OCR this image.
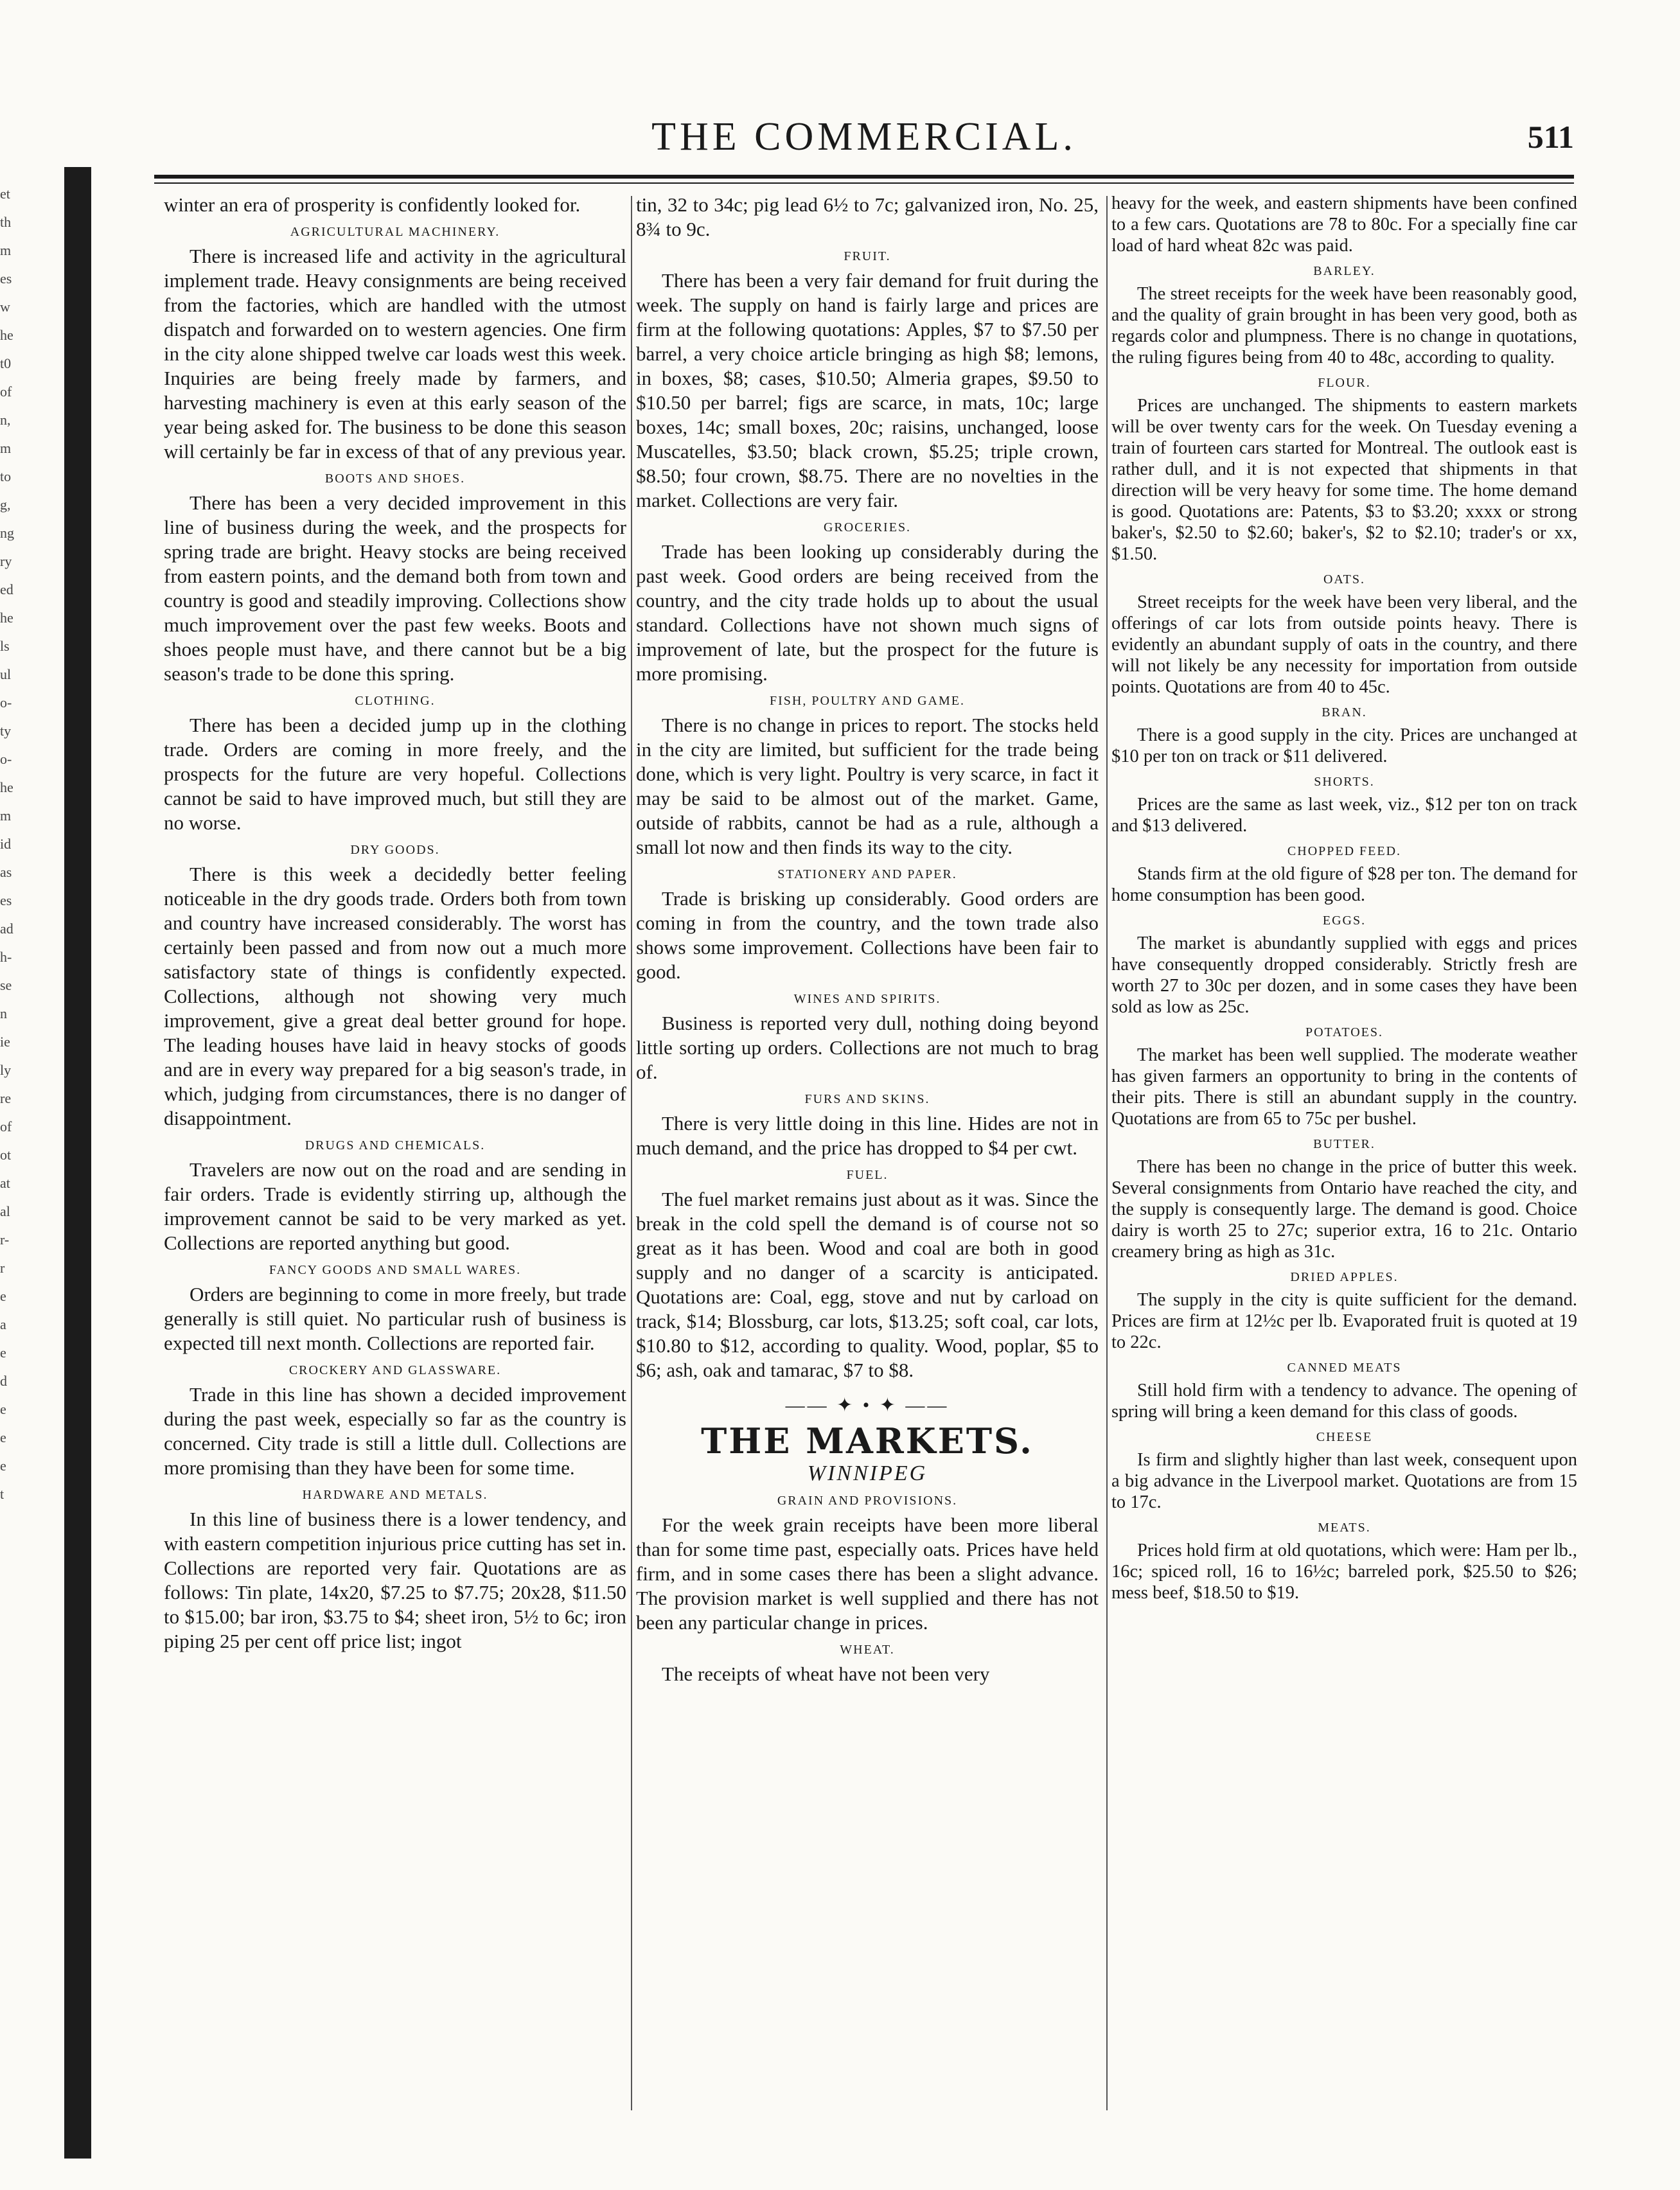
et
th
m
es
w
he
t0
of
n,
m
to
g,
ng
ry
ed
he
ls
ul
o-
ty
o-
he
m
id
as
es
ad
h-
se
n
ie
ly
re
of
ot
at
al
r-
r
e
a
e
d
e
e
e
t
THE COMMERCIAL.	511

winter an era of prosperity is confidently looked for.

AGRICULTURAL MACHINERY.

There is increased life and activity in the agricultural implement trade. Heavy consignments are being received from the factories, which are handled with the utmost dispatch and forwarded on to western agencies. One firm in the city alone shipped twelve car loads west this week. Inquiries are being freely made by farmers, and harvesting machinery is even at this early season of the year being asked for. The business to be done this season will certainly be far in excess of that of any previous year.

BOOTS AND SHOES.

There has been a very decided improvement in this line of business during the week, and the prospects for spring trade are bright. Heavy stocks are being received from eastern points, and the demand both from town and country is good and steadily improving. Collections show much improvement over the past few weeks. Boots and shoes people must have, and there cannot but be a big season's trade to be done this spring.

CLOTHING.

There has been a decided jump up in the clothing trade. Orders are coming in more freely, and the prospects for the future are very hopeful. Collections cannot be said to have improved much, but still they are no worse.

DRY GOODS.

There is this week a decidedly better feeling noticeable in the dry goods trade. Orders both from town and country have increased considerably. The worst has certainly been passed and from now out a much more satisfactory state of things is confidently expected. Collections, although not showing very much improvement, give a great deal better ground for hope. The leading houses have laid in heavy stocks of goods and are in every way prepared for a big season's trade, in which, judging from circumstances, there is no danger of disappointment.

DRUGS AND CHEMICALS.

Travelers are now out on the road and are sending in fair orders. Trade is evidently stirring up, although the improvement cannot be said to be very marked as yet. Collections are reported anything but good.

FANCY GOODS AND SMALL WARES.

Orders are beginning to come in more freely, but trade generally is still quiet. No particular rush of business is expected till next month. Collections are reported fair.

CROCKERY AND GLASSWARE.

Trade in this line has shown a decided improvement during the past week, especially so far as the country is concerned. City trade is still a little dull. Collections are more promising than they have been for some time.

HARDWARE AND METALS.

In this line of business there is a lower tendency, and with eastern competition injurious price cutting has set in. Collections are reported very fair. Quotations are as follows: Tin plate, 14x20, $7.25 to $7.75; 20x28, $11.50 to $15.00; bar iron, $3.75 to $4; sheet iron, 5½ to 6c; iron piping 25 per cent off price list; ingot

tin, 32 to 34c; pig lead 6½ to 7c; galvanized iron, No. 25, 8¾ to 9c.

FRUIT.

There has been a very fair demand for fruit during the week. The supply on hand is fairly large and prices are firm at the following quotations: Apples, $7 to $7.50 per barrel, a very choice article bringing as high $8; lemons, in boxes, $8; cases, $10.50; Almeria grapes, $9.50 to $10.50 per barrel; figs are scarce, in mats, 10c; large boxes, 14c; small boxes, 20c; raisins, unchanged, loose Muscatelles, $3.50; black crown, $5.25; triple crown, $8.50; four crown, $8.75. There are no novelties in the market. Collections are very fair.

GROCERIES.

Trade has been looking up considerably during the past week. Good orders are being received from the country, and the city trade holds up to about the usual standard. Collections have not shown much signs of improvement of late, but the prospect for the future is more promising.

FISH, POULTRY AND GAME.

There is no change in prices to report. The stocks held in the city are limited, but sufficient for the trade being done, which is very light. Poultry is very scarce, in fact it may be said to be almost out of the market. Game, outside of rabbits, cannot be had as a rule, although a small lot now and then finds its way to the city.

STATIONERY AND PAPER.

Trade is brisking up considerably. Good orders are coming in from the country, and the town trade also shows some improvement. Collections have been fair to good.

WINES AND SPIRITS.

Business is reported very dull, nothing doing beyond little sorting up orders. Collections are not much to brag of.

FURS AND SKINS.

There is very little doing in this line. Hides are not in much demand, and the price has dropped to $4 per cwt.

FUEL.

The fuel market remains just about as it was. Since the break in the cold spell the demand is of course not so great as it has been. Wood and coal are both in good supply and no danger of a scarcity is anticipated. Quotations are: Coal, egg, stove and nut by carload on track, $14; Blossburg, car lots, $13.25; soft coal, car lots, $10.80 to $12, according to quality. Wood, poplar, $5 to $6; ash, oak and tamarac, $7 to $8.

—— ✦ • ✦ ——
THE MARKETS.
WINNIPEG
GRAIN AND PROVISIONS.

For the week grain receipts have been more liberal than for some time past, especially oats. Prices have held firm, and in some cases there has been a slight advance. The provision market is well supplied and there has not been any particular change in prices.

WHEAT.

The receipts of wheat have not been very

heavy for the week, and eastern shipments have been confined to a few cars. Quotations are 78 to 80c. For a specially fine car load of hard wheat 82c was paid.

BARLEY.

The street receipts for the week have been reasonably good, and the quality of grain brought in has been very good, both as regards color and plumpness. There is no change in quotations, the ruling figures being from 40 to 48c, according to quality.

FLOUR.

Prices are unchanged. The shipments to eastern markets will be over twenty cars for the week. On Tuesday evening a train of fourteen cars started for Montreal. The outlook east is rather dull, and it is not expected that shipments in that direction will be very heavy for some time. The home demand is good. Quotations are: Patents, $3 to $3.20; xxxx or strong baker's, $2.50 to $2.60; baker's, $2 to $2.10; trader's or xx, $1.50.

OATS.

Street receipts for the week have been very liberal, and the offerings of car lots from outside points heavy. There is evidently an abundant supply of oats in the country, and there will not likely be any necessity for importation from outside points. Quotations are from 40 to 45c.

BRAN.

There is a good supply in the city. Prices are unchanged at $10 per ton on track or $11 delivered.

SHORTS.

Prices are the same as last week, viz., $12 per ton on track and $13 delivered.

CHOPPED FEED.

Stands firm at the old figure of $28 per ton. The demand for home consumption has been good.

EGGS.

The market is abundantly supplied with eggs and prices have consequently dropped considerably. Strictly fresh are worth 27 to 30c per dozen, and in some cases they have been sold as low as 25c.

POTATOES.

The market has been well supplied. The moderate weather has given farmers an opportunity to bring in the contents of their pits. There is still an abundant supply in the country. Quotations are from 65 to 75c per bushel.

BUTTER.

There has been no change in the price of butter this week. Several consignments from Ontario have reached the city, and the supply is consequently large. The demand is good. Choice dairy is worth 25 to 27c; superior extra, 16 to 21c. Ontario creamery bring as high as 31c.

DRIED APPLES.

The supply in the city is quite sufficient for the demand. Prices are firm at 12½c per lb. Evaporated fruit is quoted at 19 to 22c.

CANNED MEATS

Still hold firm with a tendency to advance. The opening of spring will bring a keen demand for this class of goods.

CHEESE

Is firm and slightly higher than last week, consequent upon a big advance in the Liverpool market. Quotations are from 15 to 17c.

MEATS.

Prices hold firm at old quotations, which were: Ham per lb., 16c; spiced roll, 16 to 16½c; barreled pork, $25.50 to $26; mess beef, $18.50 to $19.
